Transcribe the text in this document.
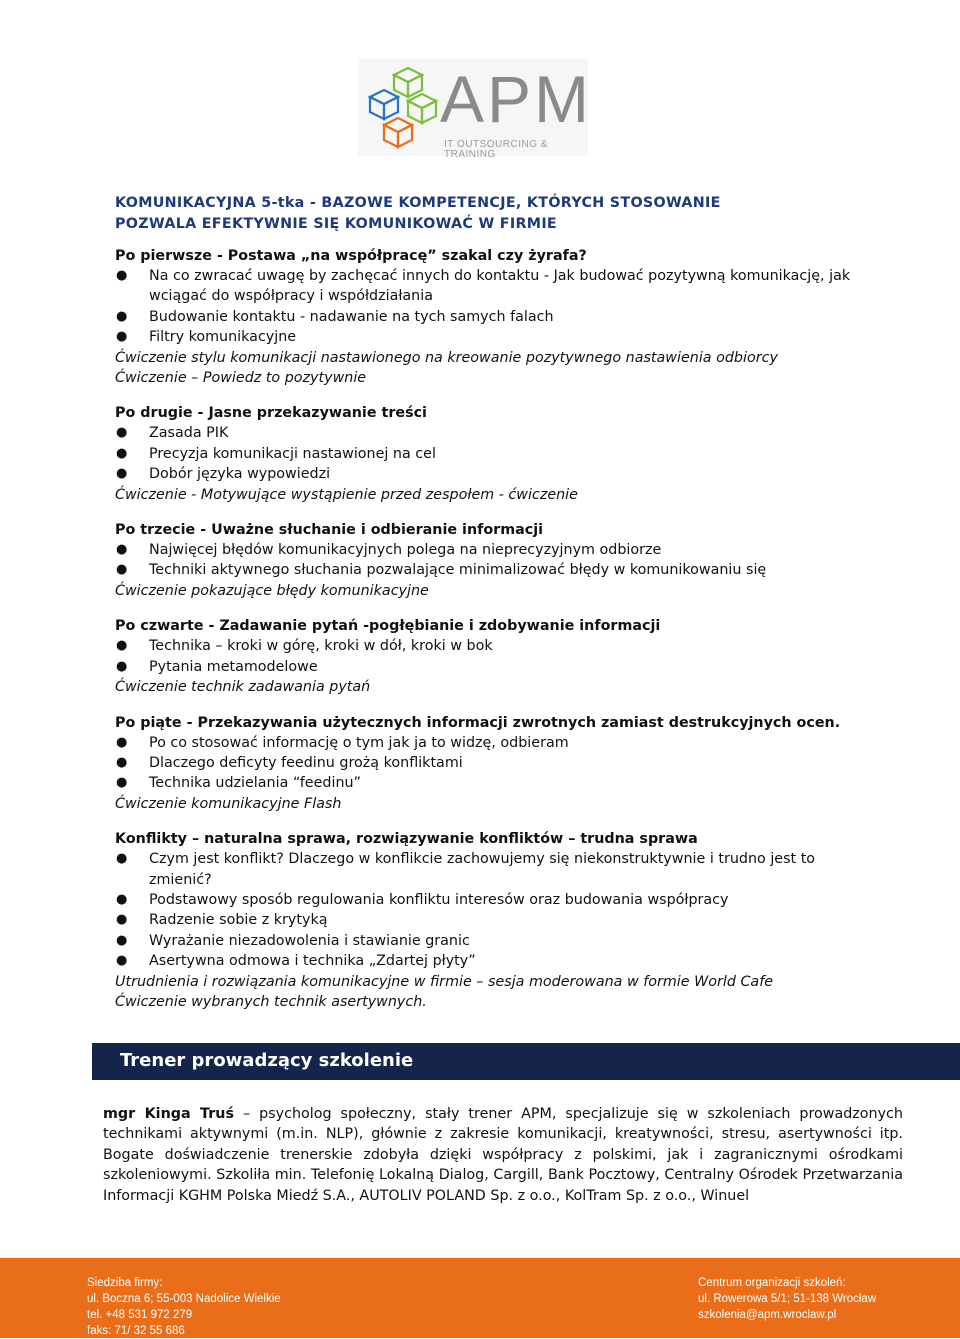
APM
IT OUTSOURCING & TRAINING
KOMUNIKACYJNA 5-tka - BAZOWE KOMPETENCJE, KTÓRYCH STOSOWANIE
POZWALA EFEKTYWNIE SIĘ KOMUNIKOWAĆ W FIRMIE

Po pierwsze - Postawa „na współpracę” szakal czy żyrafa?

● Na co zwracać uwagę by zachęcać innych do kontaktu - Jak budować pozytywną komunikację, jak wciągać do współpracy i współdziałania
● Budowanie kontaktu - nadawanie na tych samych falach
● Filtry komunikacyjne

Ćwiczenie stylu komunikacji nastawionego na kreowanie pozytywnego nastawienia odbiorcy

Ćwiczenie – Powiedz to pozytywnie

Po drugie - Jasne przekazywanie treści

● Zasada PIK
● Precyzja komunikacji nastawionej na cel
● Dobór języka wypowiedzi

Ćwiczenie - Motywujące wystąpienie przed zespołem - ćwiczenie

Po trzecie - Uważne słuchanie i odbieranie informacji

● Najwięcej błędów komunikacyjnych polega na nieprecyzyjnym odbiorze
● Techniki aktywnego słuchania pozwalające minimalizować błędy w komunikowaniu się

Ćwiczenie pokazujące błędy komunikacyjne

Po czwarte - Zadawanie pytań -pogłębianie i zdobywanie informacji

● Technika – kroki w górę, kroki w dół, kroki w bok
● Pytania metamodelowe

Ćwiczenie technik zadawania pytań

Po piąte - Przekazywania użytecznych informacji zwrotnych zamiast destrukcyjnych ocen.

● Po co stosować informację o tym jak ja to widzę, odbieram
● Dlaczego deficyty feedinu grożą konfliktami
● Technika udzielania “feedinu”

Ćwiczenie komunikacyjne Flash

Konflikty – naturalna sprawa, rozwiązywanie konfliktów – trudna sprawa

● Czym jest konflikt? Dlaczego w konflikcie zachowujemy się niekonstruktywnie i trudno jest to zmienić?
● Podstawowy sposób regulowania konfliktu interesów oraz budowania współpracy
● Radzenie sobie z krytyką
● Wyrażanie niezadowolenia i stawianie granic
● Asertywna odmowa i technika „Zdartej płyty”

Utrudnienia i rozwiązania komunikacyjne w firmie – sesja moderowana w formie World Cafe

Ćwiczenie wybranych technik asertywnych.

Trener prowadzący szkolenie
mgr Kinga Truś – psycholog społeczny, stały trener APM, specjalizuje się w szkoleniach prowadzonych technikami aktywnymi (m.in. NLP), głównie z zakresie komunikacji, kreatywności, stresu, asertywności itp. Bogate doświadczenie trenerskie zdobyła dzięki współpracy z polskimi, jak i zagranicznymi ośrodkami szkoleniowymi. Szkoliła min. Telefonię Lokalną Dialog, Cargill, Bank Pocztowy, Centralny Ośrodek Przetwarzania Informacji KGHM Polska Miedź S.A., AUTOLIV POLAND Sp. z o.o., KolTram Sp. z o.o., Winuel
Siedziba firmy:
ul. Boczna 6; 55-003 Nadolice Wielkie
tel. +48 531 972 279
faks: 71/ 32 55 686
Centrum organizacji szkoleń:
ul. Rowerowa 5/1; 51-138 Wrocław
szkolenia@apm.wroclaw.pl
